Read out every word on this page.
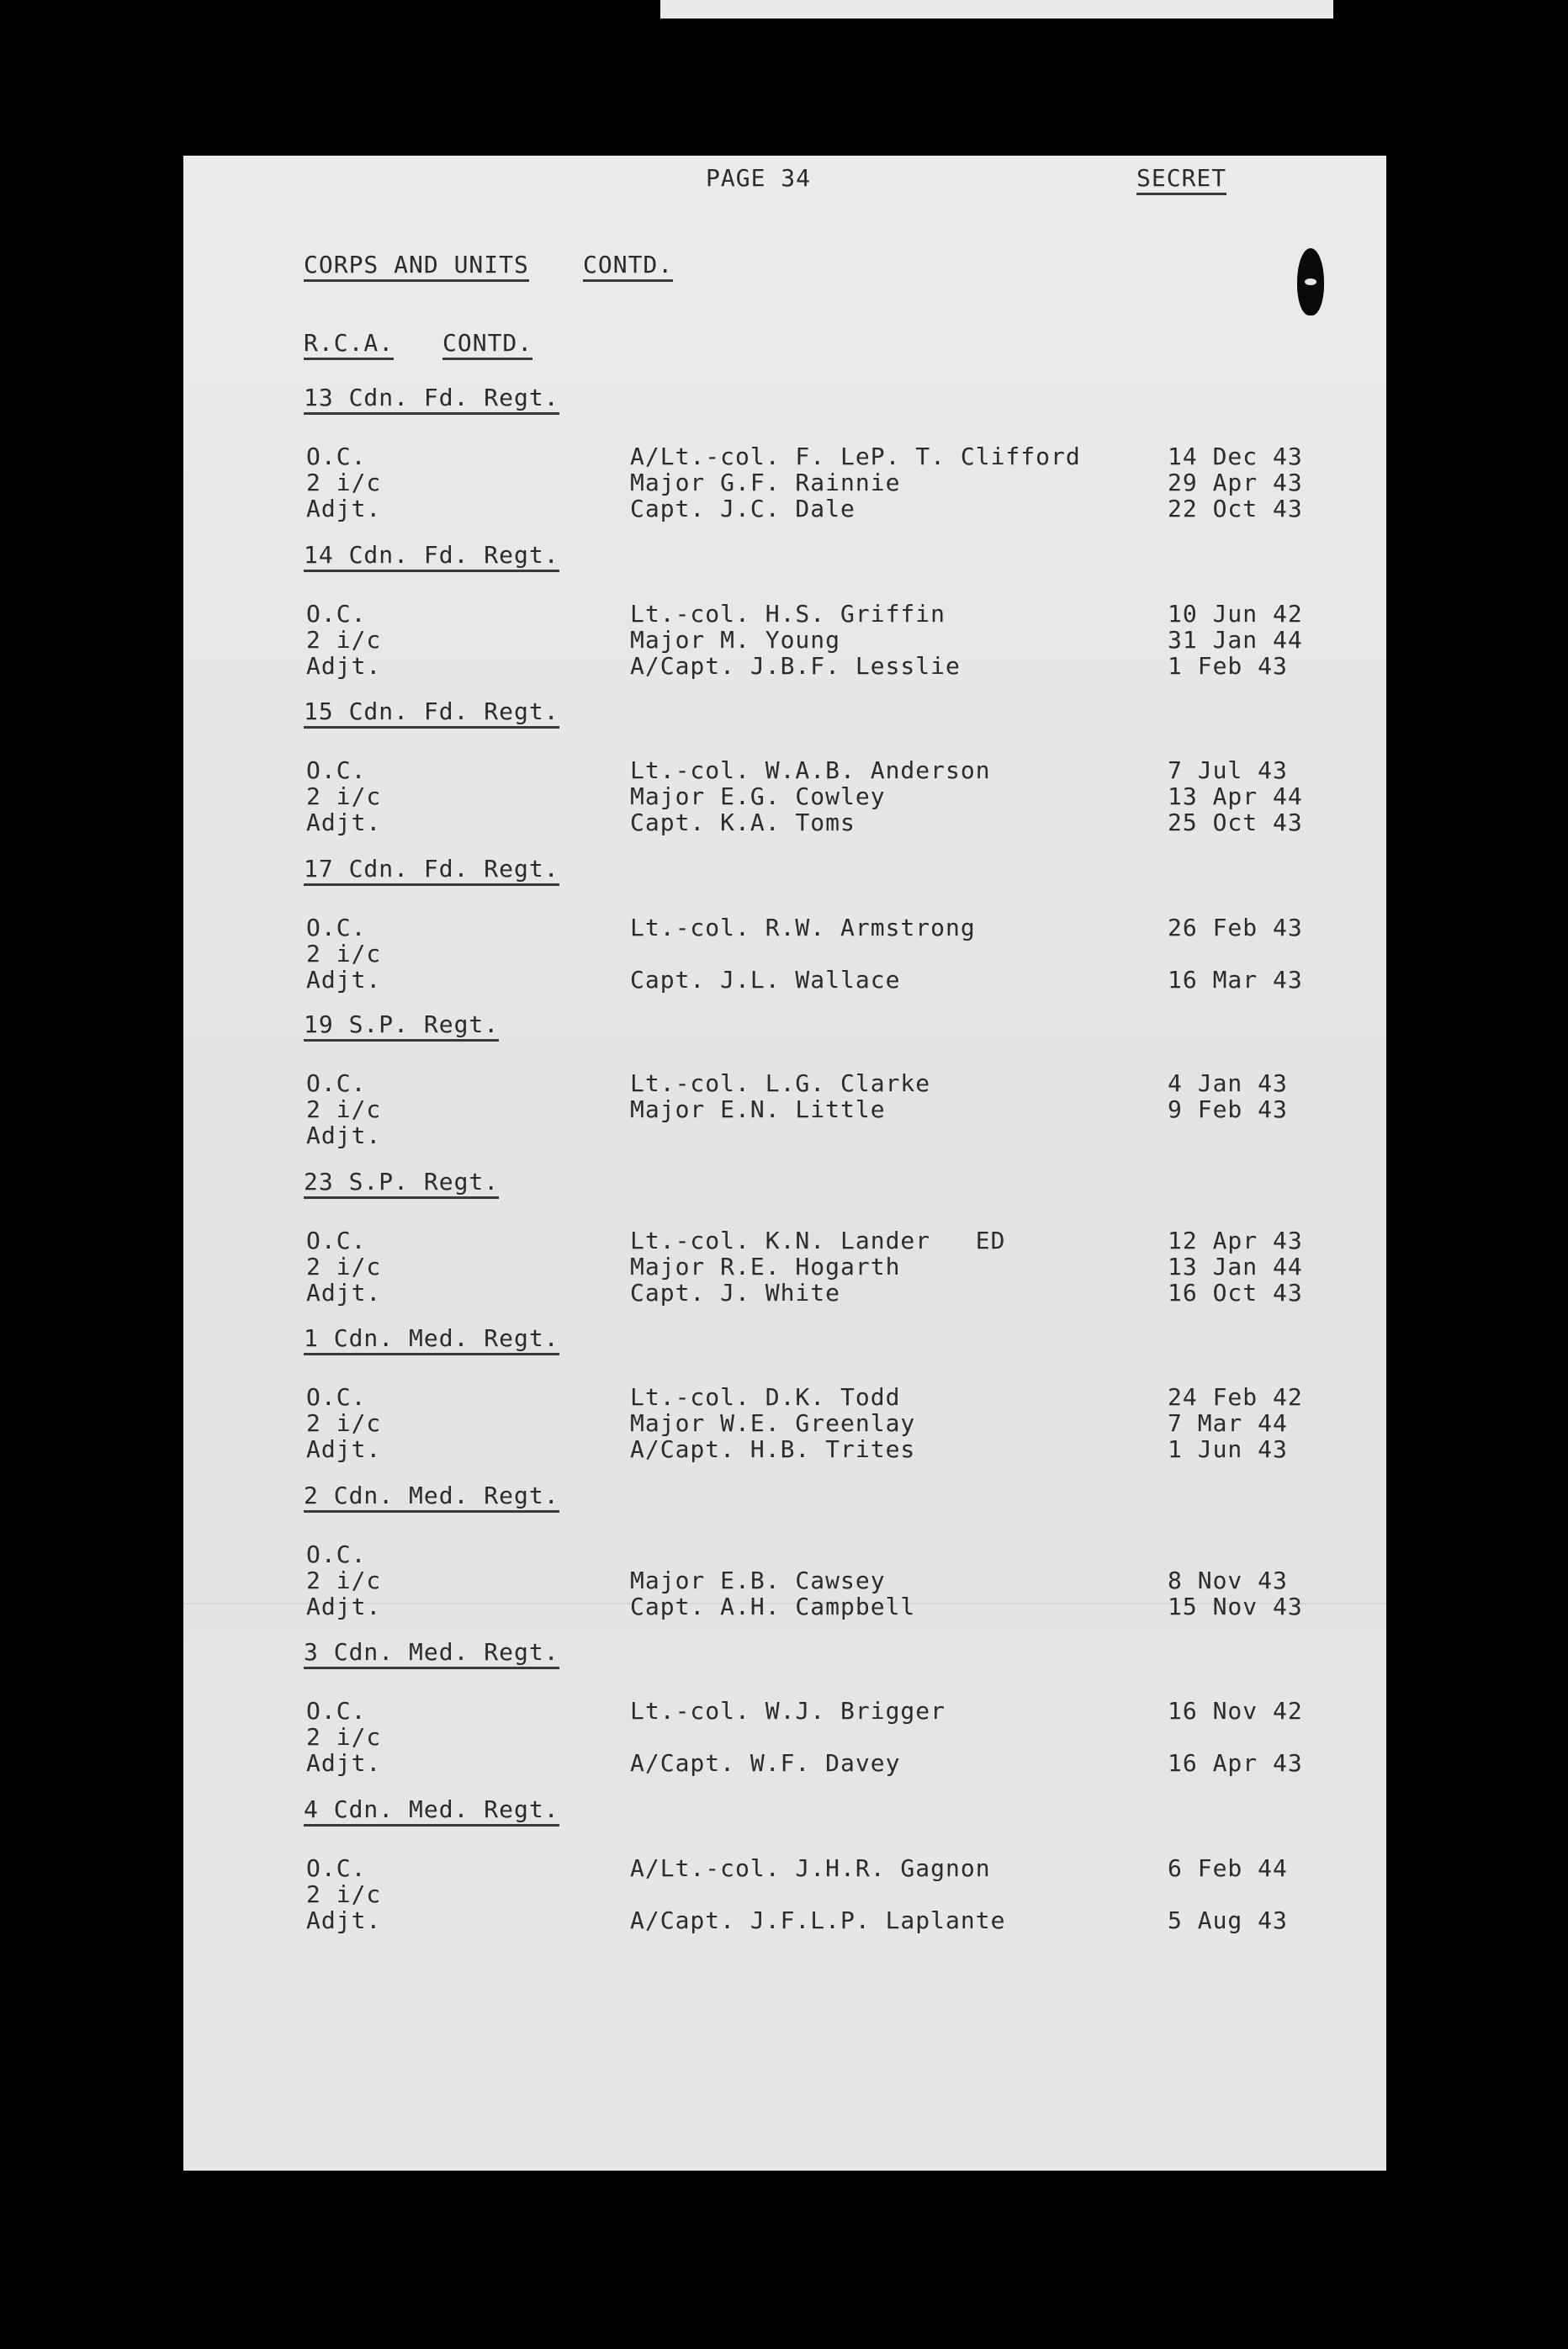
PAGE 34	SECRET
CORPS AND UNITS CONTD.
R.C.A. CONTD.
13 Cdn. Fd. Regt.
O.C.	A/Lt.-col. F. LeP. T. Clifford	14 Dec 43
2 i/c	Major G.F. Rainnie	29 Apr 43
Adjt.	Capt. J.C. Dale	22 Oct 43
14 Cdn. Fd. Regt.
O.C.	Lt.-col. H.S. Griffin	10 Jun 42
2 i/c	Major M. Young	31 Jan 44
Adjt.	A/Capt. J.B.F. Lesslie	1 Feb 43
15 Cdn. Fd. Regt.
O.C.	Lt.-col. W.A.B. Anderson	7 Jul 43
2 i/c	Major E.G. Cowley	13 Apr 44
Adjt.	Capt. K.A. Toms	25 Oct 43
17 Cdn. Fd. Regt.
O.C.	Lt.-col. R.W. Armstrong	26 Feb 43
2 i/c
Adjt.	Capt. J.L. Wallace	16 Mar 43
19 S.P. Regt.
O.C.	Lt.-col. L.G. Clarke	4 Jan 43
2 i/c	Major E.N. Little	9 Feb 43
Adjt.
23 S.P. Regt.
O.C.	Lt.-col. K.N. Lander   ED	12 Apr 43
2 i/c	Major R.E. Hogarth	13 Jan 44
Adjt.	Capt. J. White	16 Oct 43
1 Cdn. Med. Regt.
O.C.	Lt.-col. D.K. Todd	24 Feb 42
2 i/c	Major W.E. Greenlay	7 Mar 44
Adjt.	A/Capt. H.B. Trites	1 Jun 43
2 Cdn. Med. Regt.
O.C.
2 i/c	Major E.B. Cawsey	8 Nov 43
Adjt.	Capt. A.H. Campbell	15 Nov 43
3 Cdn. Med. Regt.
O.C.	Lt.-col. W.J. Brigger	16 Nov 42
2 i/c
Adjt.	A/Capt. W.F. Davey	16 Apr 43
4 Cdn. Med. Regt.
O.C.	A/Lt.-col. J.H.R. Gagnon	6 Feb 44
2 i/c
Adjt.	A/Capt. J.F.L.P. Laplante	5 Aug 43
